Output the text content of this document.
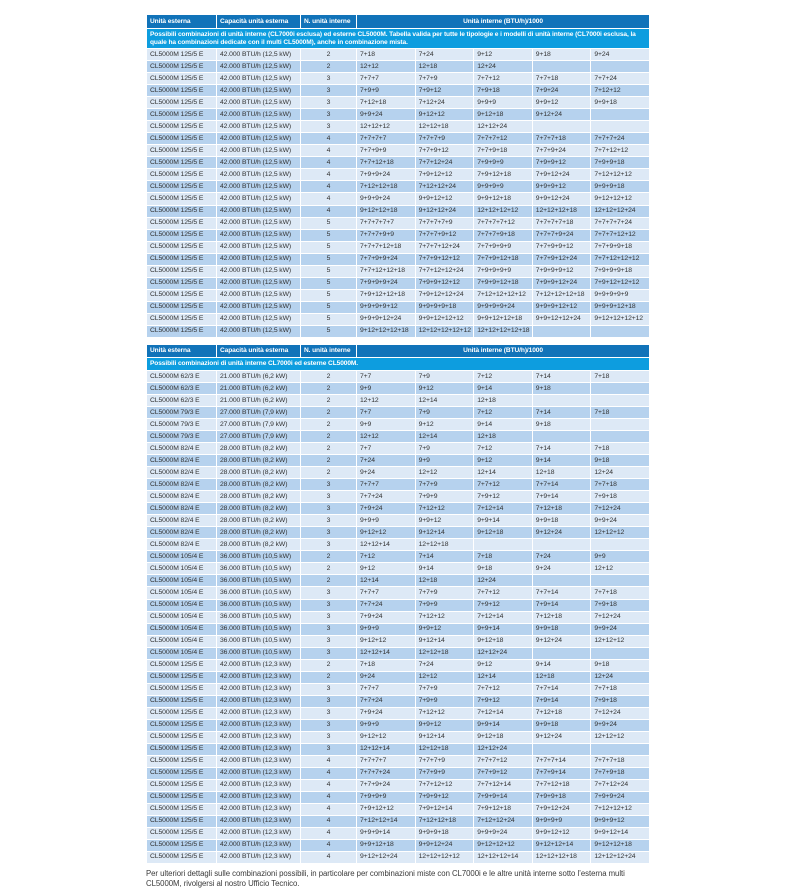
Unità esterna	Capacità unità esterna	N. unità interne	Unità interne (BTU/h)/1000				
Possibili combinazioni di unità interne (CL7000i esclusa) ed esterne CL5000M. Tabella valida per tutte le tipologie e i modelli di unità interne (CL7000i esclusa, la quale ha combinazioni dedicate con il multi CL5000M), anche in combinazione mista.							
CL5000M 125/5 E	42.000 BTU/h (12,5 kW)	2	7+18	7+24	9+12	9+18	9+24
CL5000M 125/5 E	42.000 BTU/h (12,5 kW)	2	12+12	12+18	12+24		
CL5000M 125/5 E	42.000 BTU/h (12,5 kW)	3	7+7+7	7+7+9	7+7+12	7+7+18	7+7+24
CL5000M 125/5 E	42.000 BTU/h (12,5 kW)	3	7+9+9	7+9+12	7+9+18	7+9+24	7+12+12
CL5000M 125/5 E	42.000 BTU/h (12,5 kW)	3	7+12+18	7+12+24	9+9+9	9+9+12	9+9+18
CL5000M 125/5 E	42.000 BTU/h (12,5 kW)	3	9+9+24	9+12+12	9+12+18	9+12+24	
CL5000M 125/5 E	42.000 BTU/h (12,5 kW)	3	12+12+12	12+12+18	12+12+24		
CL5000M 125/5 E	42.000 BTU/h (12,5 kW)	4	7+7+7+7	7+7+7+9	7+7+7+12	7+7+7+18	7+7+7+24
CL5000M 125/5 E	42.000 BTU/h (12,5 kW)	4	7+7+9+9	7+7+9+12	7+7+9+18	7+7+9+24	7+7+12+12
CL5000M 125/5 E	42.000 BTU/h (12,5 kW)	4	7+7+12+18	7+7+12+24	7+9+9+9	7+9+9+12	7+9+9+18
CL5000M 125/5 E	42.000 BTU/h (12,5 kW)	4	7+9+9+24	7+9+12+12	7+9+12+18	7+9+12+24	7+12+12+12
CL5000M 125/5 E	42.000 BTU/h (12,5 kW)	4	7+12+12+18	7+12+12+24	9+9+9+9	9+9+9+12	9+9+9+18
CL5000M 125/5 E	42.000 BTU/h (12,5 kW)	4	9+9+9+24	9+9+12+12	9+9+12+18	9+9+12+24	9+12+12+12
CL5000M 125/5 E	42.000 BTU/h (12,5 kW)	4	9+12+12+18	9+12+12+24	12+12+12+12	12+12+12+18	12+12+12+24
CL5000M 125/5 E	42.000 BTU/h (12,5 kW)	5	7+7+7+7+7	7+7+7+7+9	7+7+7+7+12	7+7+7+7+18	7+7+7+7+24
CL5000M 125/5 E	42.000 BTU/h (12,5 kW)	5	7+7+7+9+9	7+7+7+9+12	7+7+7+9+18	7+7+7+9+24	7+7+7+12+12
CL5000M 125/5 E	42.000 BTU/h (12,5 kW)	5	7+7+7+12+18	7+7+7+12+24	7+7+9+9+9	7+7+9+9+12	7+7+9+9+18
CL5000M 125/5 E	42.000 BTU/h (12,5 kW)	5	7+7+9+9+24	7+7+9+12+12	7+7+9+12+18	7+7+9+12+24	7+7+12+12+12
CL5000M 125/5 E	42.000 BTU/h (12,5 kW)	5	7+7+12+12+18	7+7+12+12+24	7+9+9+9+9	7+9+9+9+12	7+9+9+9+18
CL5000M 125/5 E	42.000 BTU/h (12,5 kW)	5	7+9+9+9+24	7+9+9+12+12	7+9+9+12+18	7+9+9+12+24	7+9+12+12+12
CL5000M 125/5 E	42.000 BTU/h (12,5 kW)	5	7+9+12+12+18	7+9+12+12+24	7+12+12+12+12	7+12+12+12+18	9+9+9+9+9
CL5000M 125/5 E	42.000 BTU/h (12,5 kW)	5	9+9+9+9+12	9+9+9+9+18	9+9+9+9+24	9+9+9+12+12	9+9+9+12+18
CL5000M 125/5 E	42.000 BTU/h (12,5 kW)	5	9+9+9+12+24	9+9+12+12+12	9+9+12+12+18	9+9+12+12+24	9+12+12+12+12
CL5000M 125/5 E	42.000 BTU/h (12,5 kW)	5	9+12+12+12+18	12+12+12+12+12	12+12+12+12+18		
Unità esterna	Capacità unità esterna	N. unità interne	Unità interne (BTU/h)/1000				
Possibili combinazioni di unità interne CL7000i ed esterne CL5000M.							
CL5000M 62/3 E	21.000 BTU/h (6,2 kW)	2	7+7	7+9	7+12	7+14	7+18
CL5000M 62/3 E	21.000 BTU/h (6,2 kW)	2	9+9	9+12	9+14	9+18	
CL5000M 62/3 E	21.000 BTU/h (6,2 kW)	2	12+12	12+14	12+18		
CL5000M 79/3 E	27.000 BTU/h (7,9 kW)	2	7+7	7+9	7+12	7+14	7+18
CL5000M 79/3 E	27.000 BTU/h (7,9 kW)	2	9+9	9+12	9+14	9+18	
CL5000M 79/3 E	27.000 BTU/h (7,9 kW)	2	12+12	12+14	12+18		
CL5000M 82/4 E	28.000 BTU/h (8,2 kW)	2	7+7	7+9	7+12	7+14	7+18
CL5000M 82/4 E	28.000 BTU/h (8,2 kW)	2	7+24	9+9	9+12	9+14	9+18
CL5000M 82/4 E	28.000 BTU/h (8,2 kW)	2	9+24	12+12	12+14	12+18	12+24
CL5000M 82/4 E	28.000 BTU/h (8,2 kW)	3	7+7+7	7+7+9	7+7+12	7+7+14	7+7+18
CL5000M 82/4 E	28.000 BTU/h (8,2 kW)	3	7+7+24	7+9+9	7+9+12	7+9+14	7+9+18
CL5000M 82/4 E	28.000 BTU/h (8,2 kW)	3	7+9+24	7+12+12	7+12+14	7+12+18	7+12+24
CL5000M 82/4 E	28.000 BTU/h (8,2 kW)	3	9+9+9	9+9+12	9+9+14	9+9+18	9+9+24
CL5000M 82/4 E	28.000 BTU/h (8,2 kW)	3	9+12+12	9+12+14	9+12+18	9+12+24	12+12+12
CL5000M 82/4 E	28.000 BTU/h (8,2 kW)	3	12+12+14	12+12+18			
CL5000M 105/4 E	36.000 BTU/h (10,5 kW)	2	7+12	7+14	7+18	7+24	9+9
CL5000M 105/4 E	36.000 BTU/h (10,5 kW)	2	9+12	9+14	9+18	9+24	12+12
CL5000M 105/4 E	36.000 BTU/h (10,5 kW)	2	12+14	12+18	12+24		
CL5000M 105/4 E	36.000 BTU/h (10,5 kW)	3	7+7+7	7+7+9	7+7+12	7+7+14	7+7+18
CL5000M 105/4 E	36.000 BTU/h (10,5 kW)	3	7+7+24	7+9+9	7+9+12	7+9+14	7+9+18
CL5000M 105/4 E	36.000 BTU/h (10,5 kW)	3	7+9+24	7+12+12	7+12+14	7+12+18	7+12+24
CL5000M 105/4 E	36.000 BTU/h (10,5 kW)	3	9+9+9	9+9+12	9+9+14	9+9+18	9+9+24
CL5000M 105/4 E	36.000 BTU/h (10,5 kW)	3	9+12+12	9+12+14	9+12+18	9+12+24	12+12+12
CL5000M 105/4 E	36.000 BTU/h (10,5 kW)	3	12+12+14	12+12+18	12+12+24		
CL5000M 125/5 E	42.000 BTU/h (12,3 kW)	2	7+18	7+24	9+12	9+14	9+18
CL5000M 125/5 E	42.000 BTU/h (12,3 kW)	2	9+24	12+12	12+14	12+18	12+24
CL5000M 125/5 E	42.000 BTU/h (12,3 kW)	3	7+7+7	7+7+9	7+7+12	7+7+14	7+7+18
CL5000M 125/5 E	42.000 BTU/h (12,3 kW)	3	7+7+24	7+9+9	7+9+12	7+9+14	7+9+18
CL5000M 125/5 E	42.000 BTU/h (12,3 kW)	3	7+9+24	7+12+12	7+12+14	7+12+18	7+12+24
CL5000M 125/5 E	42.000 BTU/h (12,3 kW)	3	9+9+9	9+9+12	9+9+14	9+9+18	9+9+24
CL5000M 125/5 E	42.000 BTU/h (12,3 kW)	3	9+12+12	9+12+14	9+12+18	9+12+24	12+12+12
CL5000M 125/5 E	42.000 BTU/h (12,3 kW)	3	12+12+14	12+12+18	12+12+24		
CL5000M 125/5 E	42.000 BTU/h (12,3 kW)	4	7+7+7+7	7+7+7+9	7+7+7+12	7+7+7+14	7+7+7+18
CL5000M 125/5 E	42.000 BTU/h (12,3 kW)	4	7+7+7+24	7+7+9+9	7+7+9+12	7+7+9+14	7+7+9+18
CL5000M 125/5 E	42.000 BTU/h (12,3 kW)	4	7+7+9+24	7+7+12+12	7+7+12+14	7+7+12+18	7+7+12+24
CL5000M 125/5 E	42.000 BTU/h (12,3 kW)	4	7+9+9+9	7+9+9+12	7+9+9+14	7+9+9+18	7+9+9+24
CL5000M 125/5 E	42.000 BTU/h (12,3 kW)	4	7+9+12+12	7+9+12+14	7+9+12+18	7+9+12+24	7+12+12+12
CL5000M 125/5 E	42.000 BTU/h (12,3 kW)	4	7+12+12+14	7+12+12+18	7+12+12+24	9+9+9+9	9+9+9+12
CL5000M 125/5 E	42.000 BTU/h (12,3 kW)	4	9+9+9+14	9+9+9+18	9+9+9+24	9+9+12+12	9+9+12+14
CL5000M 125/5 E	42.000 BTU/h (12,3 kW)	4	9+9+12+18	9+9+12+24	9+12+12+12	9+12+12+14	9+12+12+18
CL5000M 125/5 E	42.000 BTU/h (12,3 kW)	4	9+12+12+24	12+12+12+12	12+12+12+14	12+12+12+18	12+12+12+24

Per ulteriori dettagli sulle combinazioni possibili, in particolare per combinazioni miste con CL7000i e le altre unità interne sotto l’esterna multi CL5000M, rivolgersi al nostro Ufficio Tecnico.
